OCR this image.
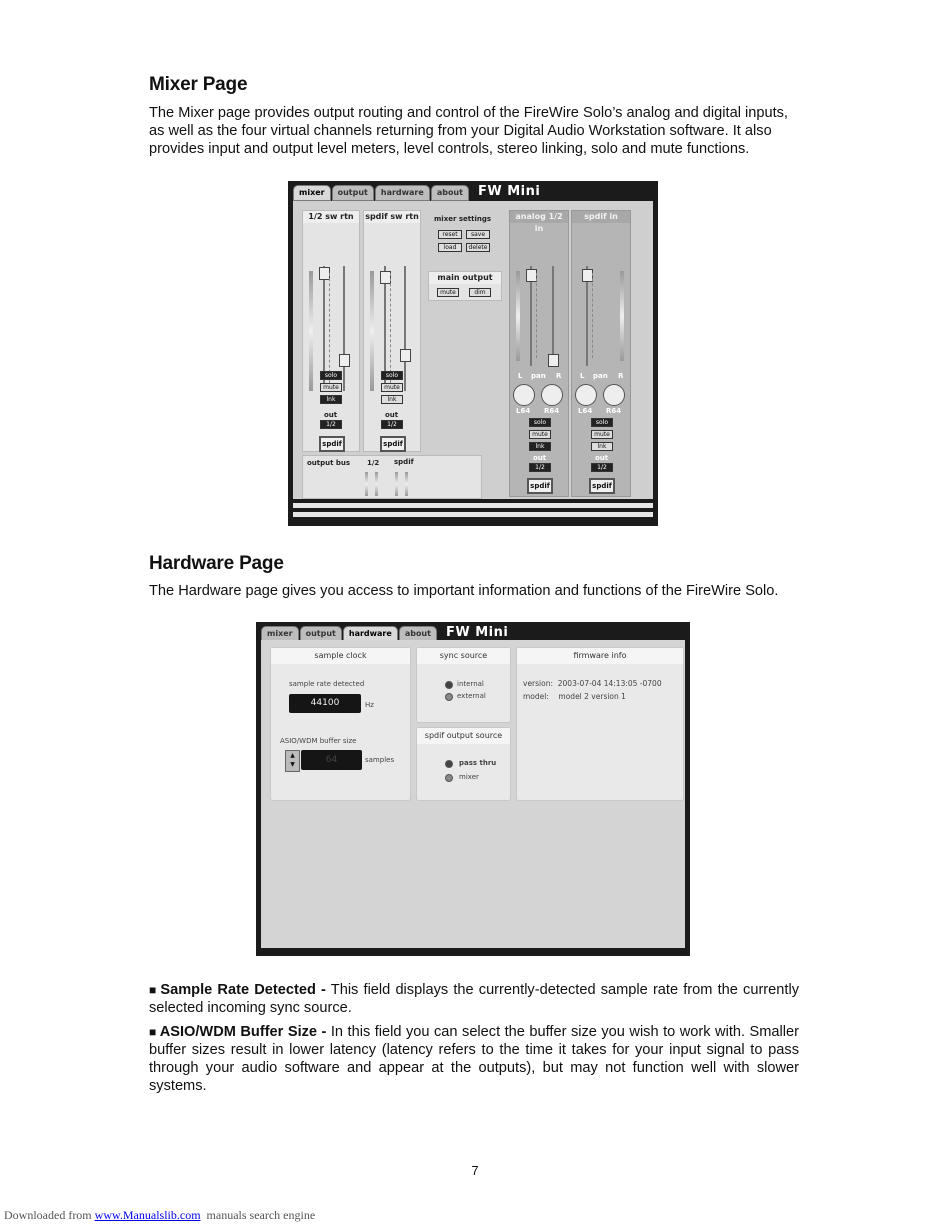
Mixer Page
The Mixer page provides output routing and control of the FireWire Solo’s analog and digital inputs, as well as the four virtual channels returning from your Digital Audio Workstation software. It also provides input and output level meters, level controls, stereo linking, solo and mute functions.
mixer	output	hardware	about	FW Mini
1/2 sw rtn
solo
mute
lnk
out
1/2
spdif
spdif sw rtn
solo
mute
lnk
out
1/2
spdif
mixer settings
reset	save
load	delete
main output
mute	dim
analog 1/2 in
L pan R
L64 R64
solo
mute
lnk
out
1/2
spdif
spdif in
L pan R
L64 R64
solo
mute
lnk
out
1/2
spdif
output bus 1/2 spdif
Hardware Page
The Hardware page gives you access to important information and functions of the FireWire Solo.
mixer	output	hardware	about	FW Mini
sample clock
sample rate detected
44100	Hz
ASIO/WDM buffer size
▲
▼	64	samples
sync source
internal
external
spdif output source
pass thru
mixer
firmware info
version:  2003-07-04 14:13:05 -0700
model:    model 2 version 1
■ Sample Rate Detected - This field displays the currently-detected sample rate from the currently selected incoming sync source.
■ ASIO/WDM Buffer Size - In this field you can select the buffer size you wish to work with. Smaller buffer sizes result in lower latency (latency refers to the time it takes for your input signal to pass through your audio software and appear at the outputs), but may not function well with slower systems.
7
Downloaded from www.Manualslib.com  manuals search engine
